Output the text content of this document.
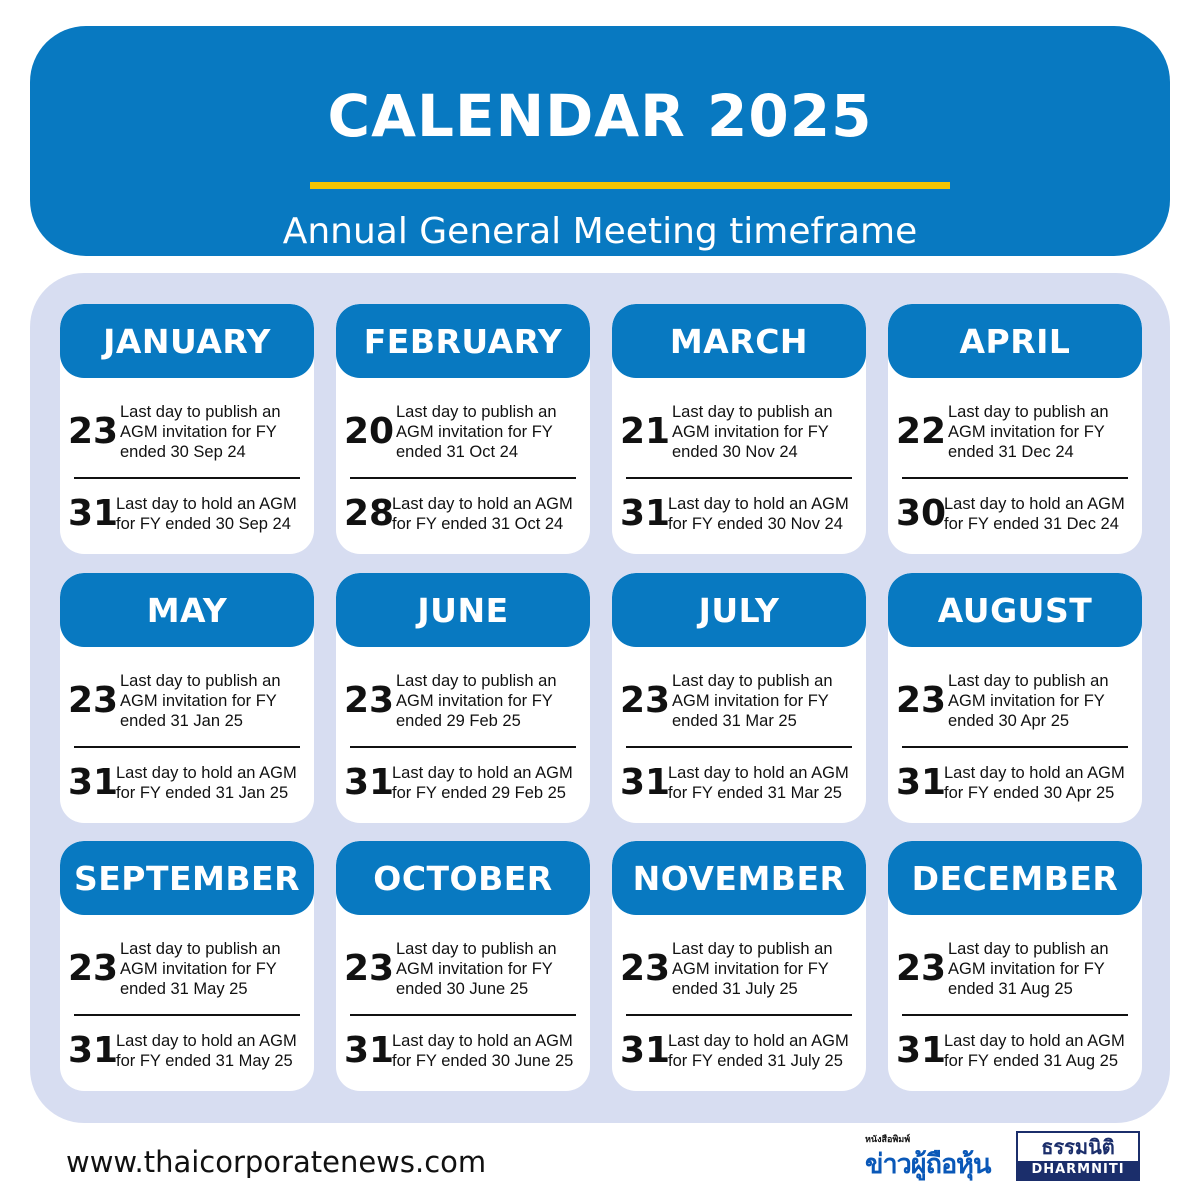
CALENDAR 2025
Annual General Meeting timeframe
JANUARY
23 Last day to publish an AGM invitation for FY ended 30 Sep 24
31
Last day to hold an AGM for FY ended 30 Sep 24
FEBRUARY
20 Last day to publish an AGM invitation for FY ended 31 Oct 24
28
Last day to hold an AGM for FY ended 31 Oct 24
MARCH
21 Last day to publish an AGM invitation for FY ended 30 Nov 24
31
Last day to hold an AGM for FY ended 30 Nov 24
APRIL
22 Last day to publish an AGM invitation for FY ended 31 Dec 24
30
Last day to hold an AGM for FY ended 31 Dec 24
MAY
23 Last day to publish an AGM invitation for FY ended 31 Jan 25
31
Last day to hold an AGM for FY ended 31 Jan 25
JUNE
23 Last day to publish an AGM invitation for FY ended 29 Feb 25
31
Last day to hold an AGM for FY ended 29 Feb 25
JULY
23 Last day to publish an AGM invitation for FY ended 31 Mar 25
31
Last day to hold an AGM for FY ended 31 Mar 25
AUGUST
23 Last day to publish an AGM invitation for FY ended 30 Apr 25
31
Last day to hold an AGM for FY ended 30 Apr 25
SEPTEMBER
23 Last day to publish an AGM invitation for FY ended 31 May 25
31
Last day to hold an AGM for FY ended 31 May 25
OCTOBER
23 Last day to publish an AGM invitation for FY ended 30 June 25
31
Last day to hold an AGM for FY ended 30 June 25
NOVEMBER
23 Last day to publish an AGM invitation for FY ended 31 July 25
31
Last day to hold an AGM for FY ended 31 July 25
DECEMBER
23 Last day to publish an AGM invitation for FY ended 31 Aug 25
31
Last day to hold an AGM for FY ended 31 Aug 25
www.thaicorporatenews.com
หนังสือพิมพ์
ข่าวผู้ถือหุ้น
ธรรมนิติ
DHARMNITI
